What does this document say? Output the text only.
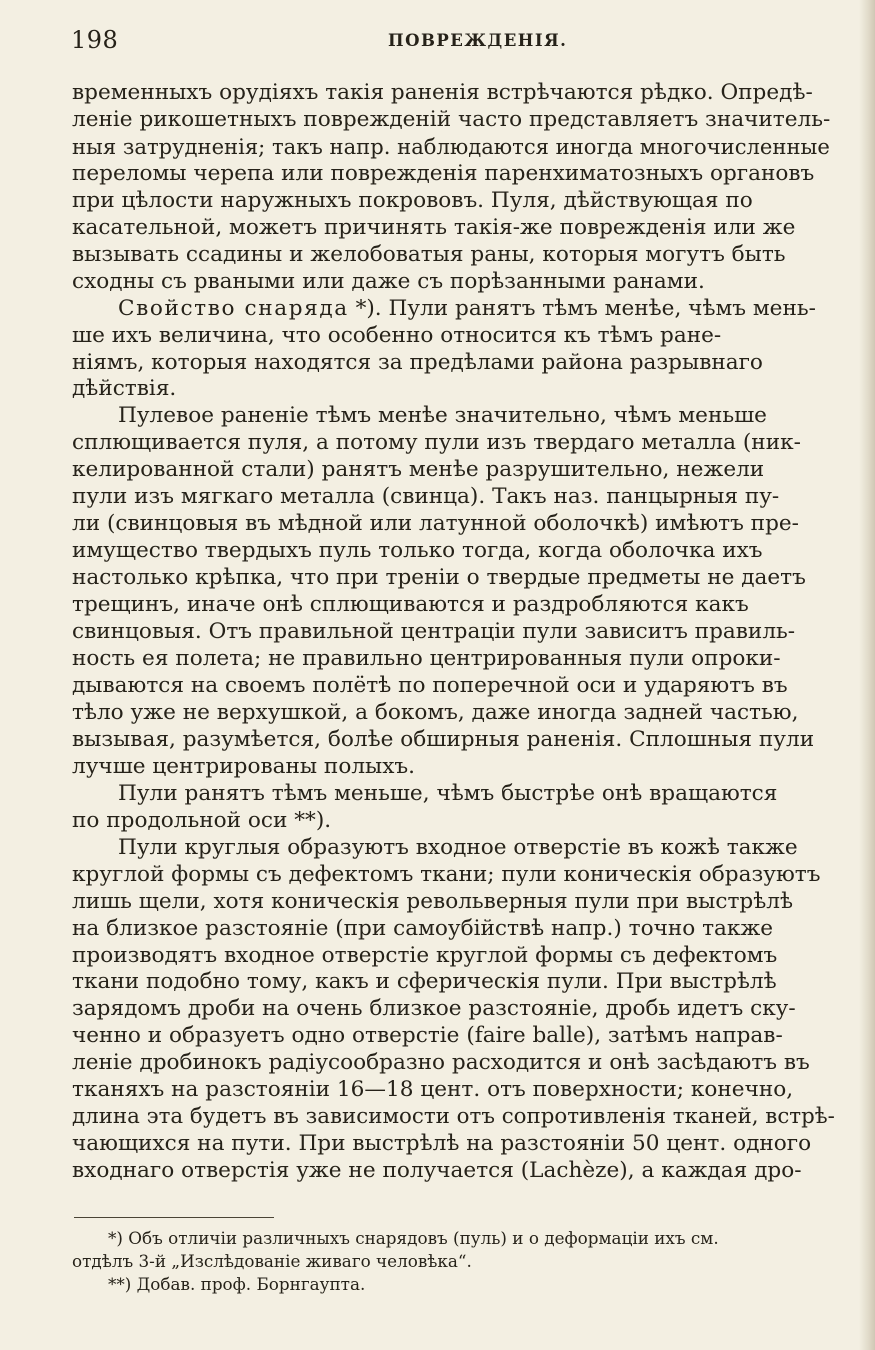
198	ПОВРЕЖДЕНІЯ.

временныхъ орудіяхъ такія раненія встрѣчаются рѣдко. Опредѣ-

леніе рикошетныхъ поврежденій часто представляетъ значитель-

ныя затрудненія; такъ напр. наблюдаются иногда многочисленные

переломы черепа или поврежденія паренхиматозныхъ органовъ

при цѣлости наружныхъ покрововъ. Пуля, дѣйствующая по

касательной, можетъ причинять такія-же поврежденія или же

вызывать ссадины и желобоватыя раны, которыя могутъ быть

сходны съ рваными или даже съ порѣзанными ранами.

Свойство снаряда *). Пули ранятъ тѣмъ менѣе, чѣмъ мень-

ше ихъ величина, что особенно относится къ тѣмъ ране-

ніямъ, которыя находятся за предѣлами района разрывнаго

дѣйствія.

Пулевое раненіе тѣмъ менѣе значительно, чѣмъ меньше

сплющивается пуля, а потому пули изъ твердаго металла (ник-

келированной стали) ранятъ менѣе разрушительно, нежели

пули изъ мягкаго металла (свинца). Такъ наз. панцырныя пу-

ли (свинцовыя въ мѣдной или латунной оболочкѣ) имѣютъ пре-

имущество твердыхъ пуль только тогда, когда оболочка ихъ

настолько крѣпка, что при треніи о твердые предметы не даетъ

трещинъ, иначе онѣ сплющиваются и раздробляются какъ

свинцовыя. Отъ правильной центраціи пули зависитъ правиль-

ность ея полета; не правильно центрированныя пули опроки-

дываются на своемъ полётѣ по поперечной оси и ударяютъ въ

тѣло уже не верхушкой, а бокомъ, даже иногда задней частью,

вызывая, разумѣется, болѣе обширныя раненія. Сплошныя пули

лучше центрированы полыхъ.

Пули ранятъ тѣмъ меньше, чѣмъ быстрѣе онѣ вращаются

по продольной оси **).

Пули круглыя образуютъ входное отверстіе въ кожѣ также

круглой формы съ дефектомъ ткани; пули коническія образуютъ

лишь щели, хотя коническія револьверныя пули при выстрѣлѣ

на близкое разстояніе (при самоубійствѣ напр.) точно также

производятъ входное отверстіе круглой формы съ дефектомъ

ткани подобно тому, какъ и сферическія пули. При выстрѣлѣ

зарядомъ дроби на очень близкое разстояніе, дробь идетъ ску-

ченно и образуетъ одно отверстіе (faire balle), затѣмъ направ-

леніе дробинокъ радіусообразно расходится и онѣ засѣдаютъ въ

тканяхъ на разстояніи 16—18 цент. отъ поверхности; конечно,

длина эта будетъ въ зависимости отъ сопротивленія тканей, встрѣ-

чающихся на пути. При выстрѣлѣ на разстояніи 50 цент. одного

входнаго отверстія уже не получается (Lachèze), а каждая дро-

*) Объ отличіи различныхъ снарядовъ (пуль) и о деформаціи ихъ см.

отдѣлъ 3-й „Изслѣдованіе живаго человѣка“.

**) Добав. проф. Борнгаупта.
